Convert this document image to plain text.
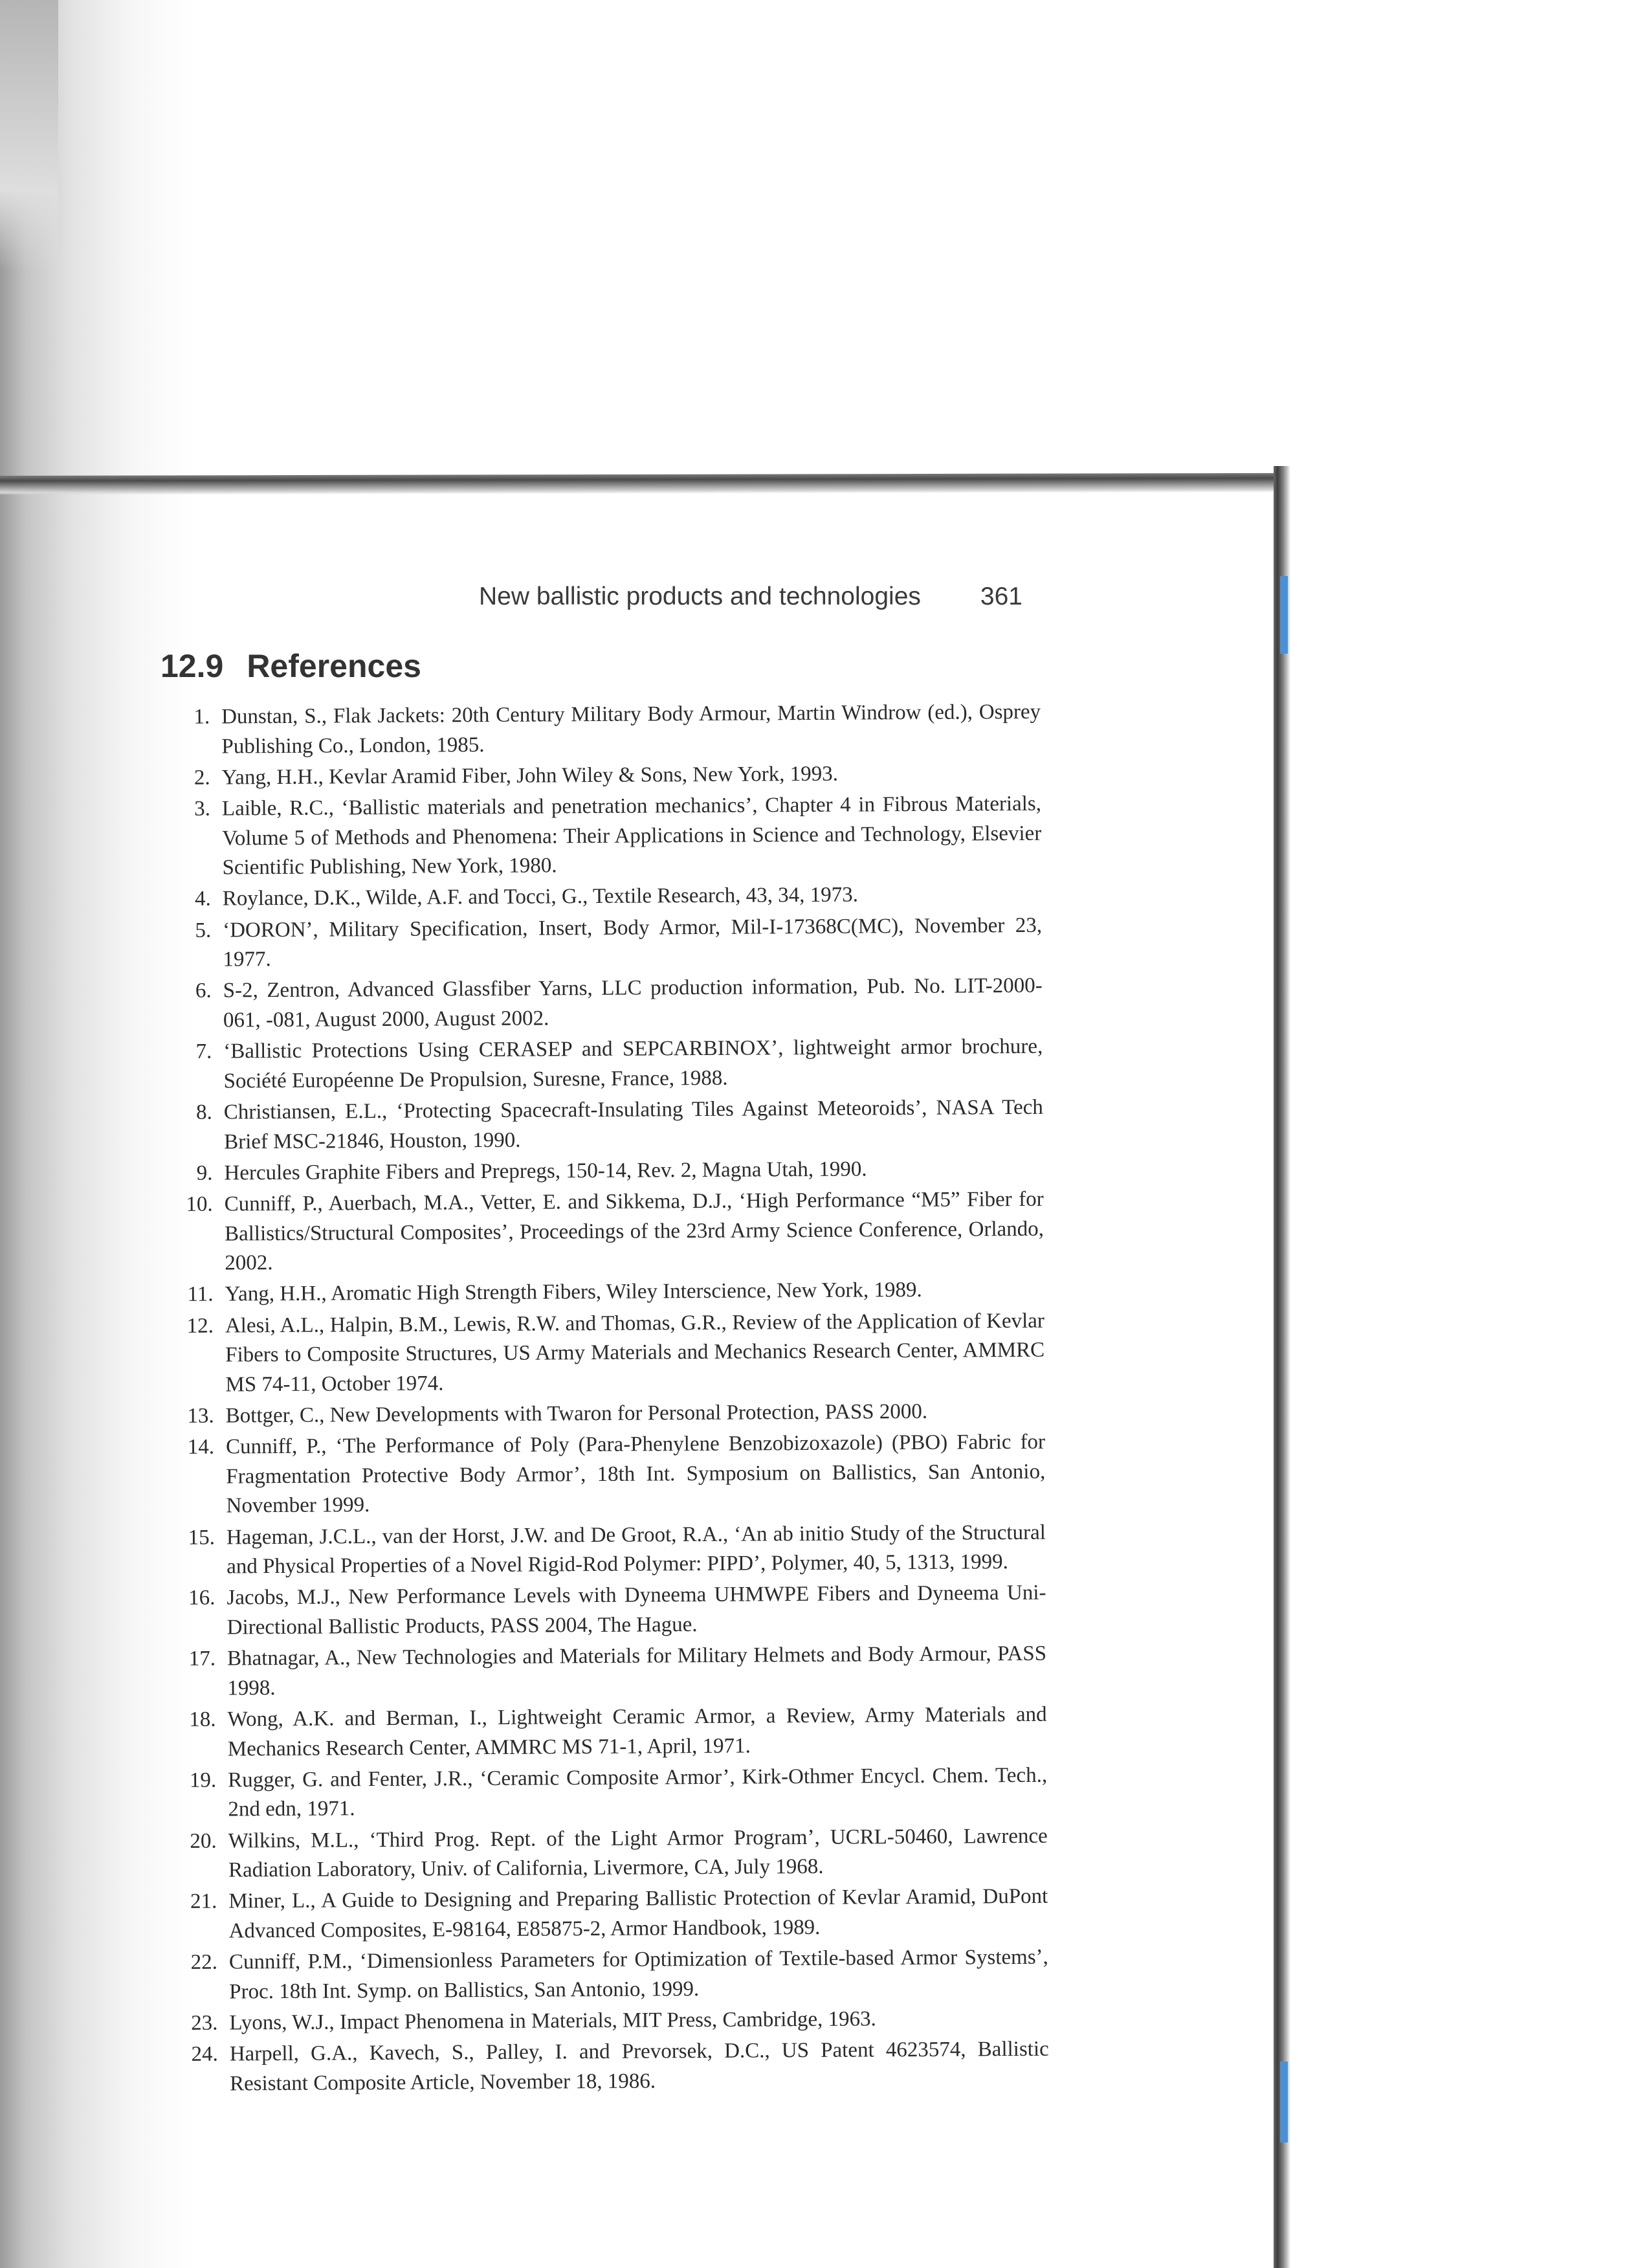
New ballistic products and technologies 361
12.9 References
1. Dunstan, S., Flak Jackets: 20th Century Military Body Armour, Martin Windrow (ed.), Osprey Publishing Co., London, 1985.
2. Yang, H.H., Kevlar Aramid Fiber, John Wiley & Sons, New York, 1993.
3. Laible, R.C., ‘Ballistic materials and penetration mechanics’, Chapter 4 in Fibrous Materials, Volume 5 of Methods and Phenomena: Their Applications in Science and Technology, Elsevier Scientific Publishing, New York, 1980.
4. Roylance, D.K., Wilde, A.F. and Tocci, G., Textile Research, 43, 34, 1973.
5. ‘DORON’, Military Specification, Insert, Body Armor, Mil-I-17368C(MC), November 23, 1977.
6. S-2, Zentron, Advanced Glassfiber Yarns, LLC production information, Pub. No. LIT-2000-061, -081, August 2000, August 2002.
7. ‘Ballistic Protections Using CERASEP and SEPCARBINOX’, lightweight armor brochure, Société Européenne De Propulsion, Suresne, France, 1988.
8. Christiansen, E.L., ‘Protecting Spacecraft-Insulating Tiles Against Meteoroids’, NASA Tech Brief MSC-21846, Houston, 1990.
9. Hercules Graphite Fibers and Prepregs, 150-14, Rev. 2, Magna Utah, 1990.
10. Cunniff, P., Auerbach, M.A., Vetter, E. and Sikkema, D.J., ‘High Performance “M5” Fiber for Ballistics/Structural Composites’, Proceedings of the 23rd Army Science Conference, Orlando, 2002.
11. Yang, H.H., Aromatic High Strength Fibers, Wiley Interscience, New York, 1989.
12. Alesi, A.L., Halpin, B.M., Lewis, R.W. and Thomas, G.R., Review of the Application of Kevlar Fibers to Composite Structures, US Army Materials and Mechanics Research Center, AMMRC MS 74-11, October 1974.
13. Bottger, C., New Developments with Twaron for Personal Protection, PASS 2000.
14. Cunniff, P., ‘The Performance of Poly (Para-Phenylene Benzobizoxazole) (PBO) Fabric for Fragmentation Protective Body Armor’, 18th Int. Symposium on Ballistics, San Antonio, November 1999.
15. Hageman, J.C.L., van der Horst, J.W. and De Groot, R.A., ‘An ab initio Study of the Structural and Physical Properties of a Novel Rigid-Rod Polymer: PIPD’, Polymer, 40, 5, 1313, 1999.
16. Jacobs, M.J., New Performance Levels with Dyneema UHMWPE Fibers and Dyneema Uni-Directional Ballistic Products, PASS 2004, The Hague.
17. Bhatnagar, A., New Technologies and Materials for Military Helmets and Body Armour, PASS 1998.
18. Wong, A.K. and Berman, I., Lightweight Ceramic Armor, a Review, Army Materials and Mechanics Research Center, AMMRC MS 71-1, April, 1971.
19. Rugger, G. and Fenter, J.R., ‘Ceramic Composite Armor’, Kirk-Othmer Encycl. Chem. Tech., 2nd edn, 1971.
20. Wilkins, M.L., ‘Third Prog. Rept. of the Light Armor Program’, UCRL-50460, Lawrence Radiation Laboratory, Univ. of California, Livermore, CA, July 1968.
21. Miner, L., A Guide to Designing and Preparing Ballistic Protection of Kevlar Aramid, DuPont Advanced Composites, E-98164, E85875-2, Armor Handbook, 1989.
22. Cunniff, P.M., ‘Dimensionless Parameters for Optimization of Textile-based Armor Systems’, Proc. 18th Int. Symp. on Ballistics, San Antonio, 1999.
23. Lyons, W.J., Impact Phenomena in Materials, MIT Press, Cambridge, 1963.
24. Harpell, G.A., Kavech, S., Palley, I. and Prevorsek, D.C., US Patent 4623574, Ballistic Resistant Composite Article, November 18, 1986.
